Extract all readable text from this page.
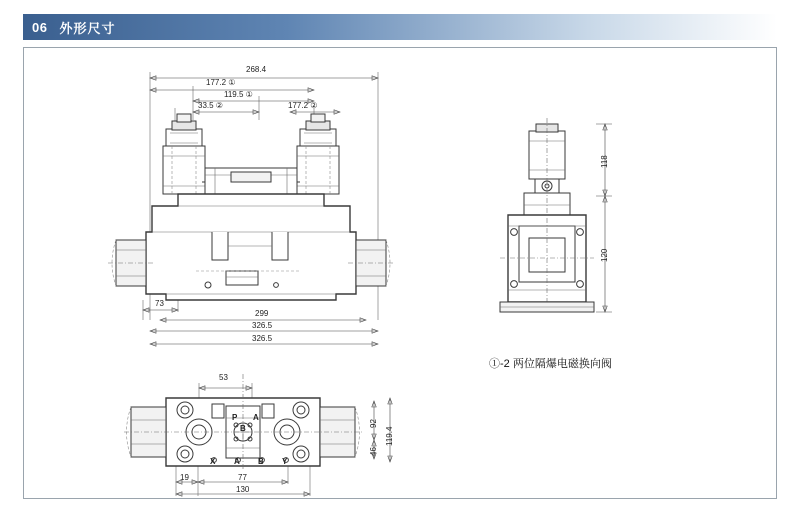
06 外形尺寸
268.4
177.2 ①
119.5 ①
33.5 ②	177.2 ②
73
299
326.5
326.5
118
120
①-2 两位隔爆电磁换向阀
53
92
119.4
46
19	77
130
P A
X A B Y
B
